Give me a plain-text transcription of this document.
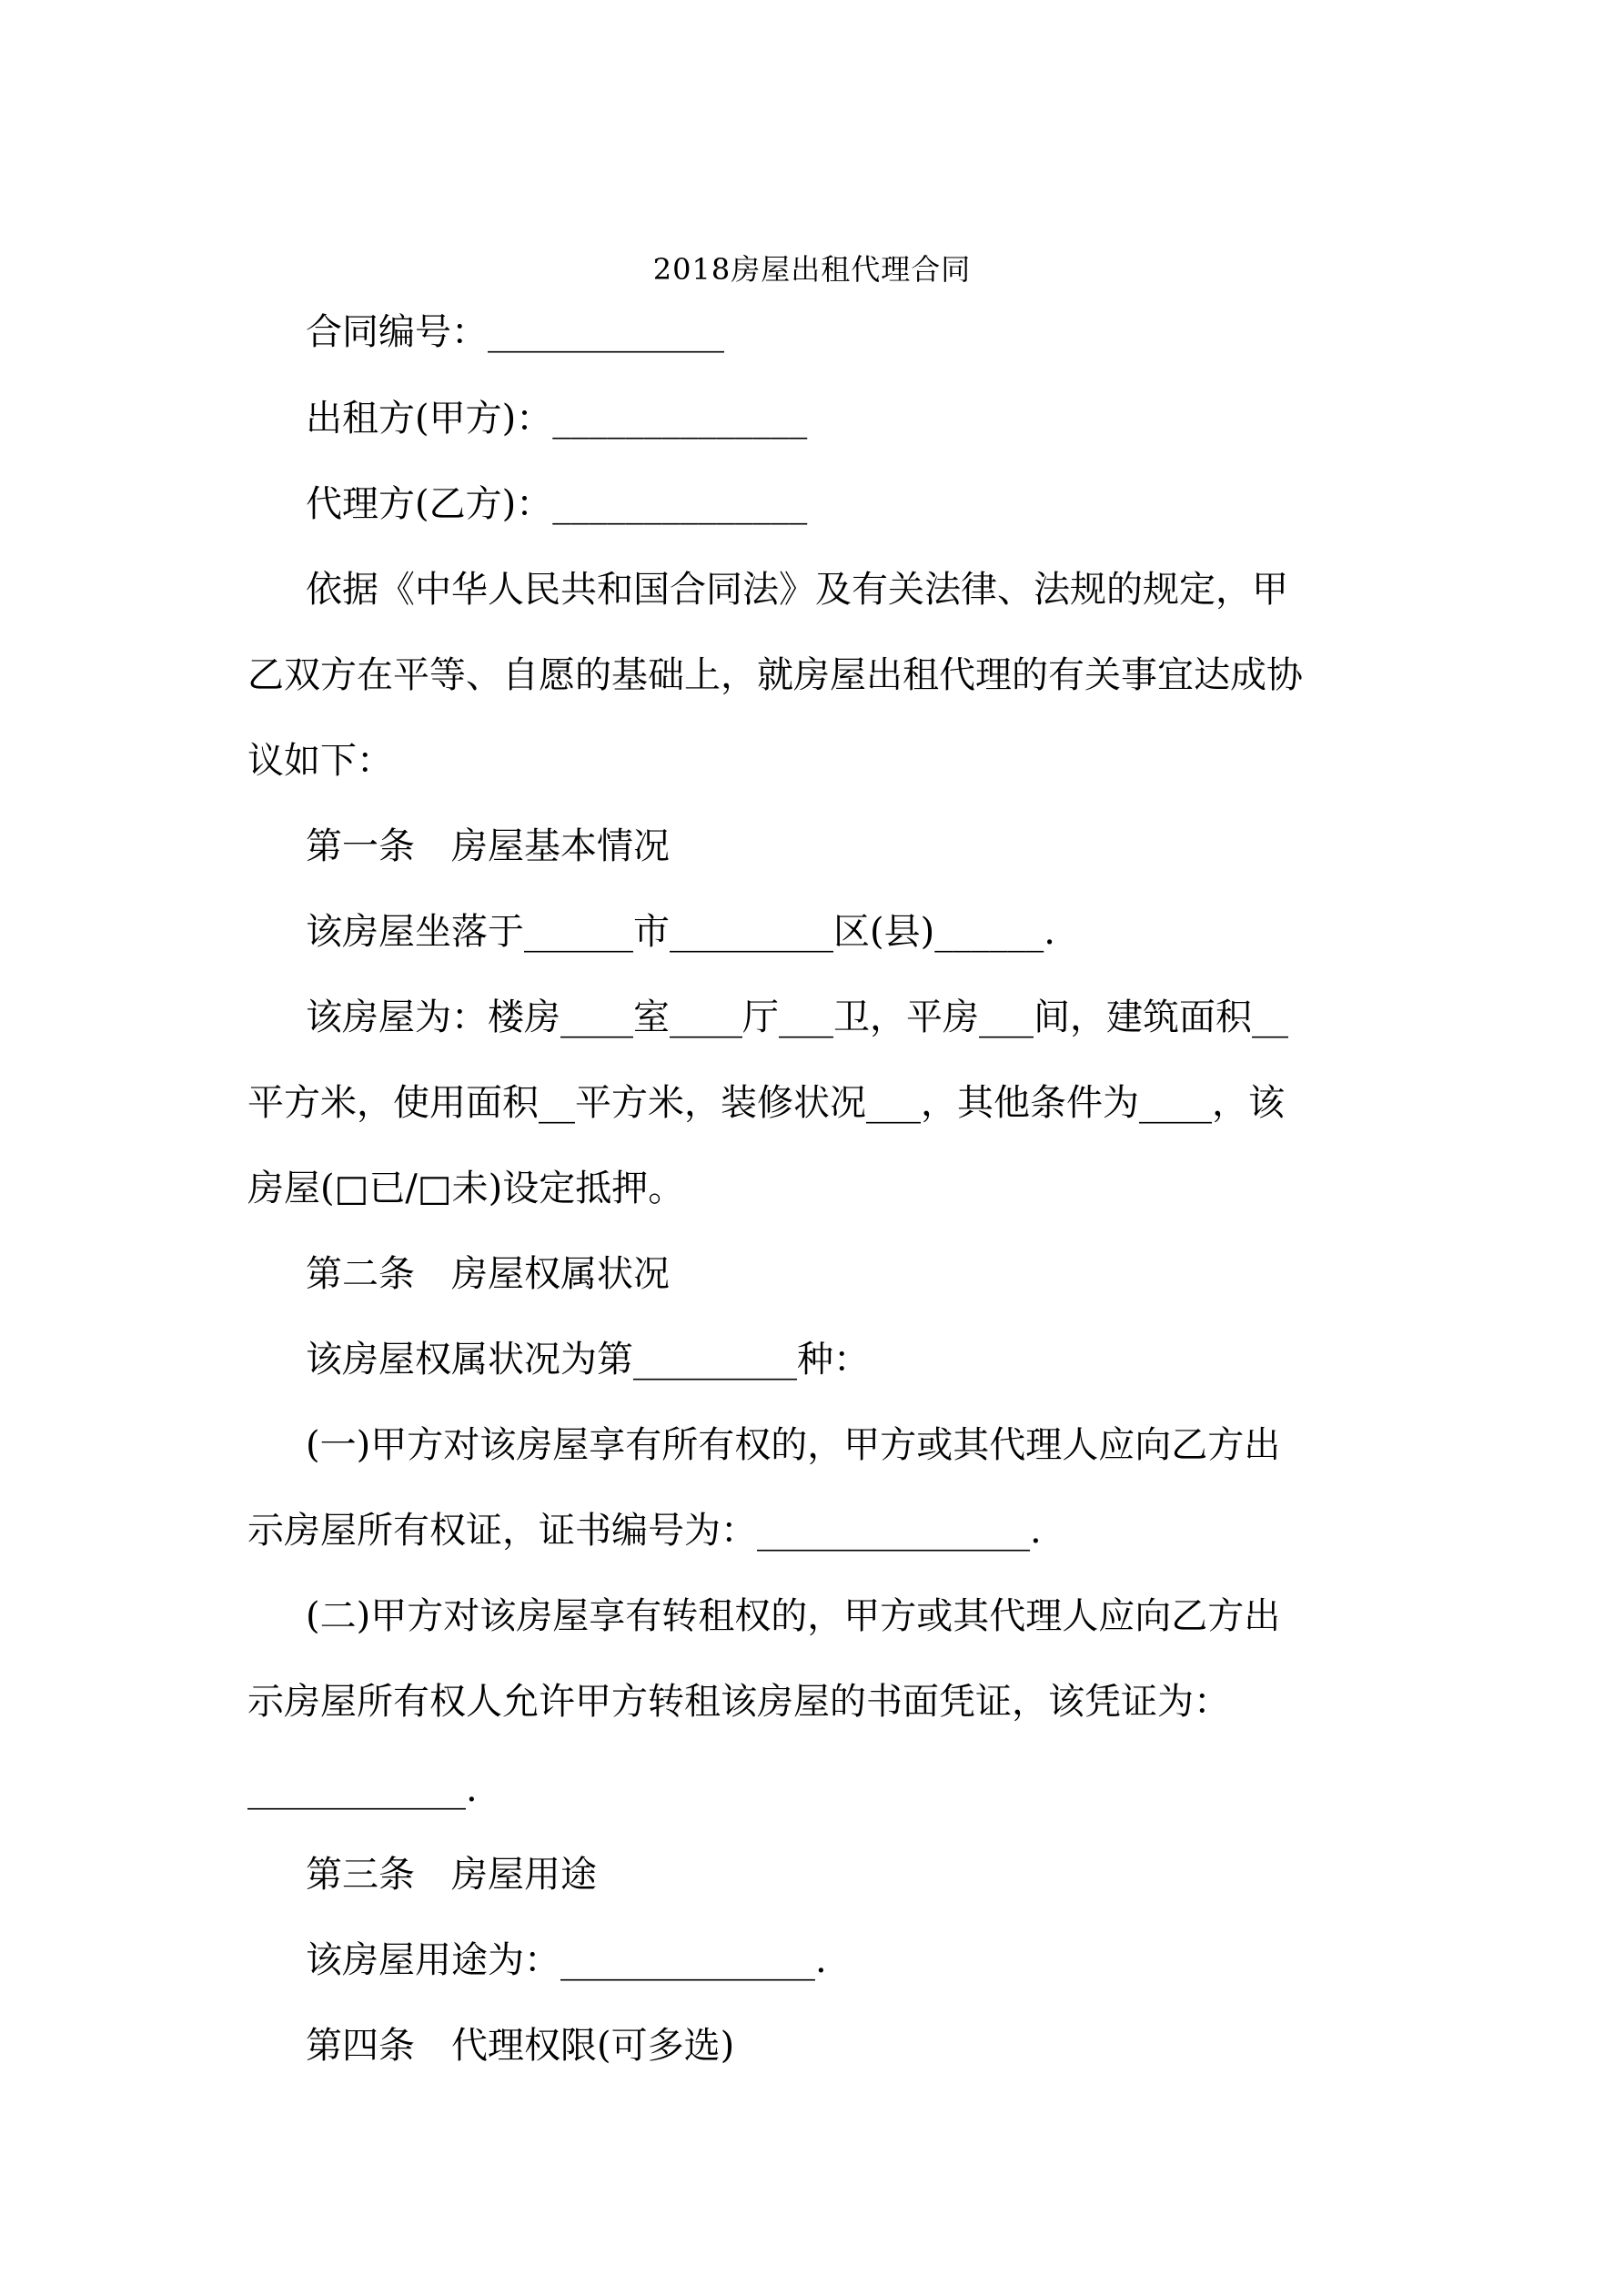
2018房屋出租代理合同
合同编号：_____________
出租方(甲方)：______________
代理方(乙方)：______________
依据《中华人民共和国合同法》及有关法律、法规的规定，甲
乙双方在平等、自愿的基础上，就房屋出租代理的有关事宜达成协
议如下：
第一条　房屋基本情况
该房屋坐落于______市_________区(县)______.
该房屋为：楼房____室____厅___卫，平房___间，建筑面积__
平方米，使用面积__平方米，装修状况___，其他条件为____，该
房屋(□已/□未)设定抵押。
第二条　房屋权属状况
该房屋权属状况为第_________种：
(一)甲方对该房屋享有所有权的，甲方或其代理人应向乙方出
示房屋所有权证，证书编号为：_______________.
(二)甲方对该房屋享有转租权的，甲方或其代理人应向乙方出
示房屋所有权人允许甲方转租该房屋的书面凭证，该凭证为：
____________.
第三条　房屋用途
该房屋用途为：______________.
第四条　代理权限(可多选)
